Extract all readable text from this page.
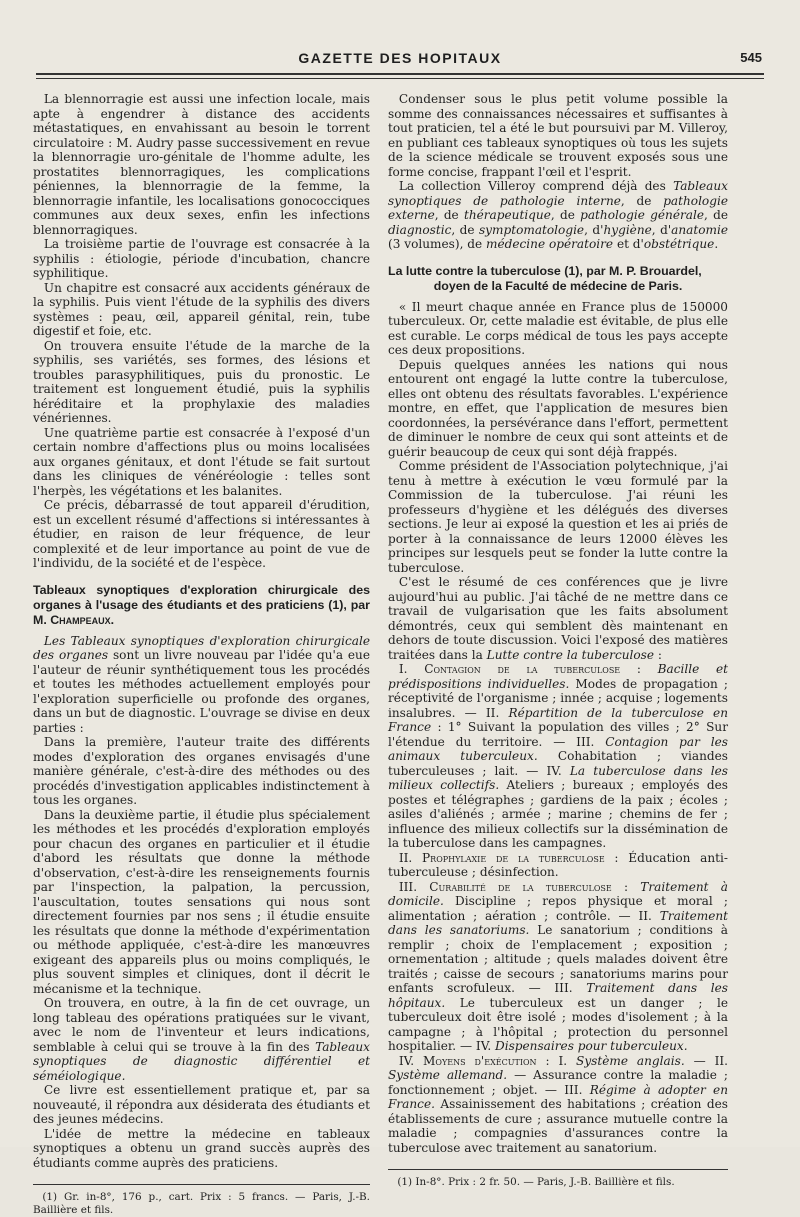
GAZETTE DES HOPITAUX	545

La blennorragie est aussi une infection locale, mais apte à engendrer à distance des accidents métastatiques, en envahissant au besoin le torrent circulatoire : M. Audry passe successivement en revue la blennorragie uro-génitale de l'homme adulte, les prostatites blennorragiques, les complications péniennes, la blennorragie de la femme, la blennorragie infantile, les localisations gonococciques communes aux deux sexes, enfin les infections blennorragiques.

La troisième partie de l'ouvrage est consacrée à la syphilis : étiologie, période d'incubation, chancre syphilitique.

Un chapitre est consacré aux accidents généraux de la syphilis. Puis vient l'étude de la syphilis des divers systèmes : peau, œil, appareil génital, rein, tube digestif et foie, etc.

On trouvera ensuite l'étude de la marche de la syphilis, ses variétés, ses formes, des lésions et troubles parasyphilitiques, puis du pronostic. Le traitement est longuement étudié, puis la syphilis héréditaire et la prophylaxie des maladies vénériennes.

Une quatrième partie est consacrée à l'exposé d'un certain nombre d'affections plus ou moins localisées aux organes génitaux, et dont l'étude se fait surtout dans les cliniques de vénéréologie : telles sont l'herpès, les végétations et les balanites.

Ce précis, débarrassé de tout appareil d'érudition, est un excellent résumé d'affections si intéressantes à étudier, en raison de leur fréquence, de leur complexité et de leur importance au point de vue de l'individu, de la société et de l'espèce.

Tableaux synoptiques d'exploration chirurgicale des organes à l'usage des étudiants et des praticiens (1), par M. Champeaux.

Les Tableaux synoptiques d'exploration chirurgicale des organes sont un livre nouveau par l'idée qu'a eue l'auteur de réunir synthétiquement tous les procédés et toutes les méthodes actuellement employés pour l'exploration superficielle ou profonde des organes, dans un but de diagnostic. L'ouvrage se divise en deux parties :

Dans la première, l'auteur traite des différents modes d'exploration des organes envisagés d'une manière générale, c'est-à-dire des méthodes ou des procédés d'investigation applicables indistinctement à tous les organes.

Dans la deuxième partie, il étudie plus spécialement les méthodes et les procédés d'exploration employés pour chacun des organes en particulier et il étudie d'abord les résultats que donne la méthode d'observation, c'est-à-dire les renseignements fournis par l'inspection, la palpation, la percussion, l'auscultation, toutes sensations qui nous sont directement fournies par nos sens ; il étudie ensuite les résultats que donne la méthode d'expérimentation ou méthode appliquée, c'est-à-dire les manœuvres exigeant des appareils plus ou moins compliqués, le plus souvent simples et cliniques, dont il décrit le mécanisme et la technique.

On trouvera, en outre, à la fin de cet ouvrage, un long tableau des opérations pratiquées sur le vivant, avec le nom de l'inventeur et leurs indications, semblable à celui qui se trouve à la fin des Tableaux synoptiques de diagnostic différentiel et séméiologique.

Ce livre est essentiellement pratique et, par sa nouveauté, il répondra aux désiderata des étudiants et des jeunes médecins.

L'idée de mettre la médecine en tableaux synoptiques a obtenu un grand succès auprès des étudiants comme auprès des praticiens.

(1) Gr. in-8°, 176 p., cart. Prix : 5 francs. — Paris, J.-B. Baillière et fils.

Condenser sous le plus petit volume possible la somme des connaissances nécessaires et suffisantes à tout praticien, tel a été le but poursuivi par M. Villeroy, en publiant ces tableaux synoptiques où tous les sujets de la science médicale se trouvent exposés sous une forme concise, frappant l'œil et l'esprit.

La collection Villeroy comprend déjà des Tableaux synoptiques de pathologie interne, de pathologie externe, de thérapeutique, de pathologie générale, de diagnostic, de symptomatologie, d'hygiène, d'anatomie (3 volumes), de médecine opératoire et d'obstétrique.

La lutte contre la tuberculose (1), par M. P. Brouardel,
doyen de la Faculté de médecine de Paris.

« Il meurt chaque année en France plus de 150000 tuberculeux. Or, cette maladie est évitable, de plus elle est curable. Le corps médical de tous les pays accepte ces deux propositions.

Depuis quelques années les nations qui nous entourent ont engagé la lutte contre la tuberculose, elles ont obtenu des résultats favorables. L'expérience montre, en effet, que l'application de mesures bien coordonnées, la persévérance dans l'effort, permettent de diminuer le nombre de ceux qui sont atteints et de guérir beaucoup de ceux qui sont déjà frappés.

Comme président de l'Association polytechnique, j'ai tenu à mettre à exécution le vœu formulé par la Commission de la tuberculose. J'ai réuni les professeurs d'hygiène et les délégués des diverses sections. Je leur ai exposé la question et les ai priés de porter à la connaissance de leurs 12000 élèves les principes sur lesquels peut se fonder la lutte contre la tuberculose.

C'est le résumé de ces conférences que je livre aujourd'hui au public. J'ai tâché de ne mettre dans ce travail de vulgarisation que les faits absolument démontrés, ceux qui semblent dès maintenant en dehors de toute discussion. Voici l'exposé des matières traitées dans la Lutte contre la tuberculose :

I. Contagion de la tuberculose : Bacille et prédispositions individuelles. Modes de propagation ; réceptivité de l'organisme ; innée ; acquise ; logements insalubres. — II. Répartition de la tuberculose en France : 1° Suivant la population des villes ; 2° Sur l'étendue du territoire. — III. Contagion par les animaux tuberculeux. Cohabitation ; viandes tuberculeuses ; lait. — IV. La tuberculose dans les milieux collectifs. Ateliers ; bureaux ; employés des postes et télégraphes ; gardiens de la paix ; écoles ; asiles d'aliénés ; armée ; marine ; chemins de fer ; influence des milieux collectifs sur la dissémination de la tuberculose dans les campagnes.

II. Prophylaxie de la tuberculose : Éducation anti-tuberculeuse ; désinfection.

III. Curabilité de la tuberculose : Traitement à domicile. Discipline ; repos physique et moral ; alimentation ; aération ; contrôle. — II. Traitement dans les sanatoriums. Le sanatorium ; conditions à remplir ; choix de l'emplacement ; exposition ; ornementation ; altitude ; quels malades doivent être traités ; caisse de secours ; sanatoriums marins pour enfants scrofuleux. — III. Traitement dans les hôpitaux. Le tuberculeux est un danger ; le tuberculeux doit être isolé ; modes d'isolement ; à la campagne ; à l'hôpital ; protection du personnel hospitalier. — IV. Dispensaires pour tuberculeux.

IV. Moyens d'exécution : I. Système anglais. — II. Système allemand. — Assurance contre la maladie ; fonctionnement ; objet. — III. Régime à adopter en France. Assainissement des habitations ; création des établissements de cure ; assurance mutuelle contre la maladie ; compagnies d'assurances contre la tuberculose avec traitement au sanatorium.

(1) In-8°. Prix : 2 fr. 50. — Paris, J.-B. Baillière et fils.
